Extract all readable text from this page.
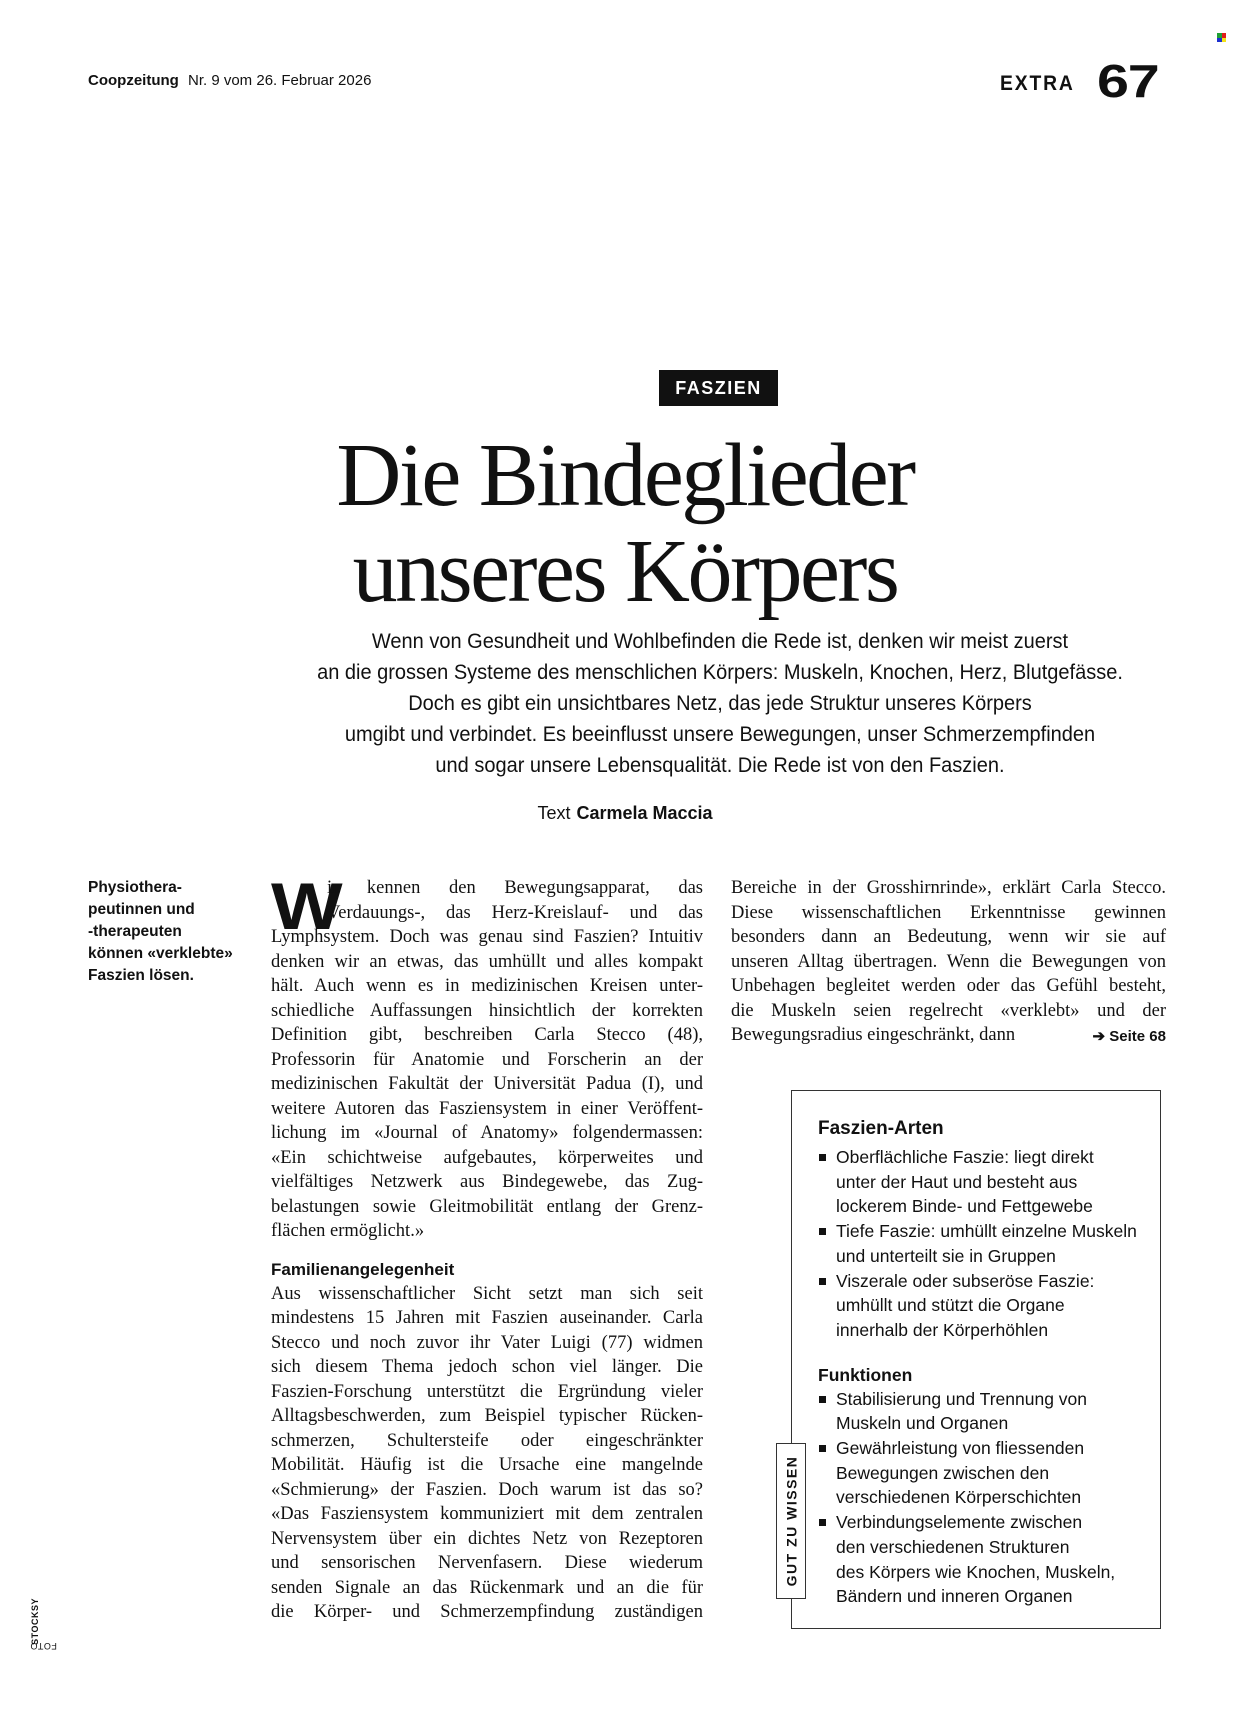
Coopzeitung Nr. 9 vom 26. Februar 2026	EXTRA 67
FASZIEN
Die Bindeglieder
unseres Körpers
Wenn von Gesundheit und Wohlbefinden die Rede ist, denken wir meist zuerst
an die grossen Systeme des menschlichen Körpers: Muskeln, Knochen, Herz, Blutgefässe.
Doch es gibt ein unsichtbares Netz, das jede Struktur unseres Körpers
umgibt und verbindet. Es beeinflusst unsere Bewegungen, unser Schmerzempfinden
und sogar unsere Lebensqualität. Die Rede ist von den Faszien.
Text Carmela Maccia
Physiothera-
peutinnen und
-therapeuten
können «verklebte»
Faszien lösen.
W
ir kennen den Bewegungsapparat, das
Verdauungs-, das Herz-Kreislauf- und das
Lymphsystem. Doch was genau sind Faszien? Intuitiv
denken wir an etwas, das umhüllt und alles kompakt
hält. Auch wenn es in medizinischen Kreisen unter-
schiedliche Auffassungen hinsichtlich der korrekten
Definition gibt, beschreiben Carla Stecco (48),
Professorin für Anatomie und Forscherin an der
medizinischen Fakultät der Universität Padua (I), und
weitere Autoren das Fasziensystem in einer Veröffent-
lichung im «Journal of Anatomy» folgendermassen:
«Ein schichtweise aufgebautes, körperweites und
vielfältiges Netzwerk aus Bindegewebe, das Zug-
belastungen sowie Gleitmobilität entlang der Grenz-
flächen ermöglicht.»
Familienangelegenheit
Aus wissenschaftlicher Sicht setzt man sich seit
mindestens 15 Jahren mit Faszien auseinander. Carla
Stecco und noch zuvor ihr Vater Luigi (77) widmen
sich diesem Thema jedoch schon viel länger. Die
Faszien-Forschung unterstützt die Ergründung vieler
Alltagsbeschwerden, zum Beispiel typischer Rücken-
schmerzen, Schultersteife oder eingeschränkter
Mobilität. Häufig ist die Ursache eine mangelnde
«Schmierung» der Faszien. Doch warum ist das so?
«Das Fasziensystem kommuniziert mit dem zentralen
Nervensystem über ein dichtes Netz von Rezeptoren
und sensorischen Nervenfasern. Diese wiederum
senden Signale an das Rückenmark und an die für
die Körper- und Schmerzempfindung zuständigen
Bereiche in der Grosshirnrinde», erklärt Carla Stecco.
Diese wissenschaftlichen Erkenntnisse gewinnen
besonders dann an Bedeutung, wenn wir sie auf
unseren Alltag übertragen. Wenn die Bewegungen von
Unbehagen begleitet werden oder das Gefühl besteht,
die Muskeln seien regelrecht «verklebt» und der
Bewegungsradius eingeschränkt, dann	➔ Seite 68
Faszien-Arten
Oberflächliche Faszie: liegt direkt
unter der Haut und besteht aus
lockerem Binde- und Fettgewebe
Tiefe Faszie: umhüllt einzelne Muskeln
und unterteilt sie in Gruppen
Viszerale oder subseröse Faszie:
umhüllt und stützt die Organe
innerhalb der Körperhöhlen
Funktionen
Stabilisierung und Trennung von
Muskeln und Organen
Gewährleistung von fliessenden
Bewegungen zwischen den
verschiedenen Körperschichten
Verbindungselemente zwischen
den verschiedenen Strukturen
des Körpers wie Knochen, Muskeln,
Bändern und inneren Organen
GUT ZU WISSEN
FOTO
STOCKSY
